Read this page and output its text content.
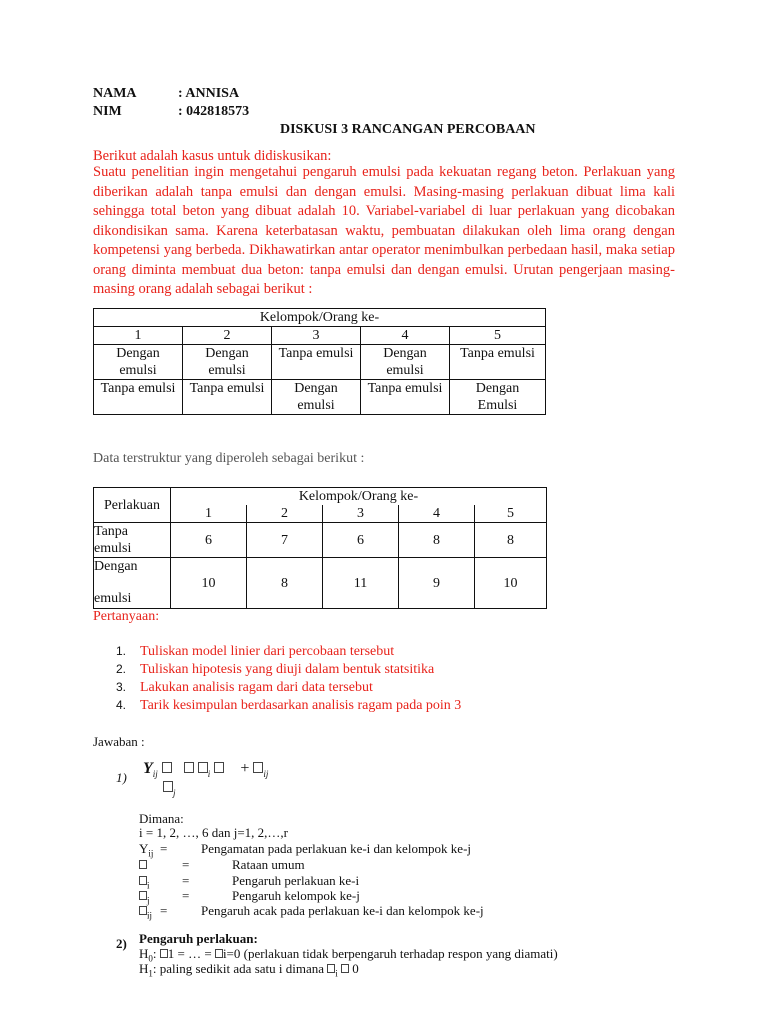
NAMA	: ANNISA
NIM	: 042818573
DISKUSI 3 RANCANGAN PERCOBAAN
Berikut adalah kasus untuk didiskusikan:
Suatu penelitian ingin mengetahui pengaruh emulsi pada kekuatan regang beton. Perlakuan yang diberikan adalah tanpa emulsi dan dengan emulsi. Masing-masing perlakuan dibuat lima kali sehingga total beton yang dibuat adalah 10. Variabel-variabel di luar perlakuan yang dicobakan dikondisikan sama. Karena keterbatasan waktu, pembuatan dilakukan oleh lima orang dengan kompetensi yang berbeda. Dikhawatirkan antar operator menimbulkan perbedaan hasil, maka setiap orang diminta membuat dua beton: tanpa emulsi dan dengan emulsi. Urutan pengerjaan masing-masing orang adalah sebagai berikut :
Kelompok/Orang ke-				
1	2	3	4	5
Dengan emulsi	Dengan emulsi	Tanpa emulsi	Dengan emulsi	Tanpa emulsi
Tanpa emulsi	Tanpa emulsi	Dengan emulsi	Tanpa emulsi	Dengan Emulsi
Data terstruktur yang diperoleh sebagai berikut :
Perlakuan	Kelompok/Orang ke-				
	1	2	3	4	5

Tanpa
emulsi	6	7	6	8	8

Dengan
emulsi	10	8	11	9	10
Pertanyaan:
1. Tuliskan model linier dari percobaan tersebut
2. Tuliskan hipotesis yang diuji dalam bentuk statsitika
3. Lakukan analisis ragam dari data tersebut
4. Tarik kesimpulan berdasarkan analisis ragam pada poin 3
Jawaban :
1)
$Y_{ij}$	$_i$ + $_{ij}$
$_j$
Dimana:
i = 1, 2, …, 6 dan j=1, 2,…,r
$Y_{ij}$ =	Pengamatan pada perlakuan ke-i dan kelompok ke-j
=	Rataan umum
$_i$ =	Pengaruh perlakuan ke-i
$_j$ =	Pengaruh kelompok ke-j
$_{ij}$ =	Pengaruh acak pada perlakuan ke-i dan kelompok ke-j
2) Pengaruh perlakuan:
$H_0$: 1 = … = i=0 (perlakuan tidak berpengaruh terhadap respon yang diamati)
$H_1$: paling sedikit ada satu i dimana $_i$ 0
